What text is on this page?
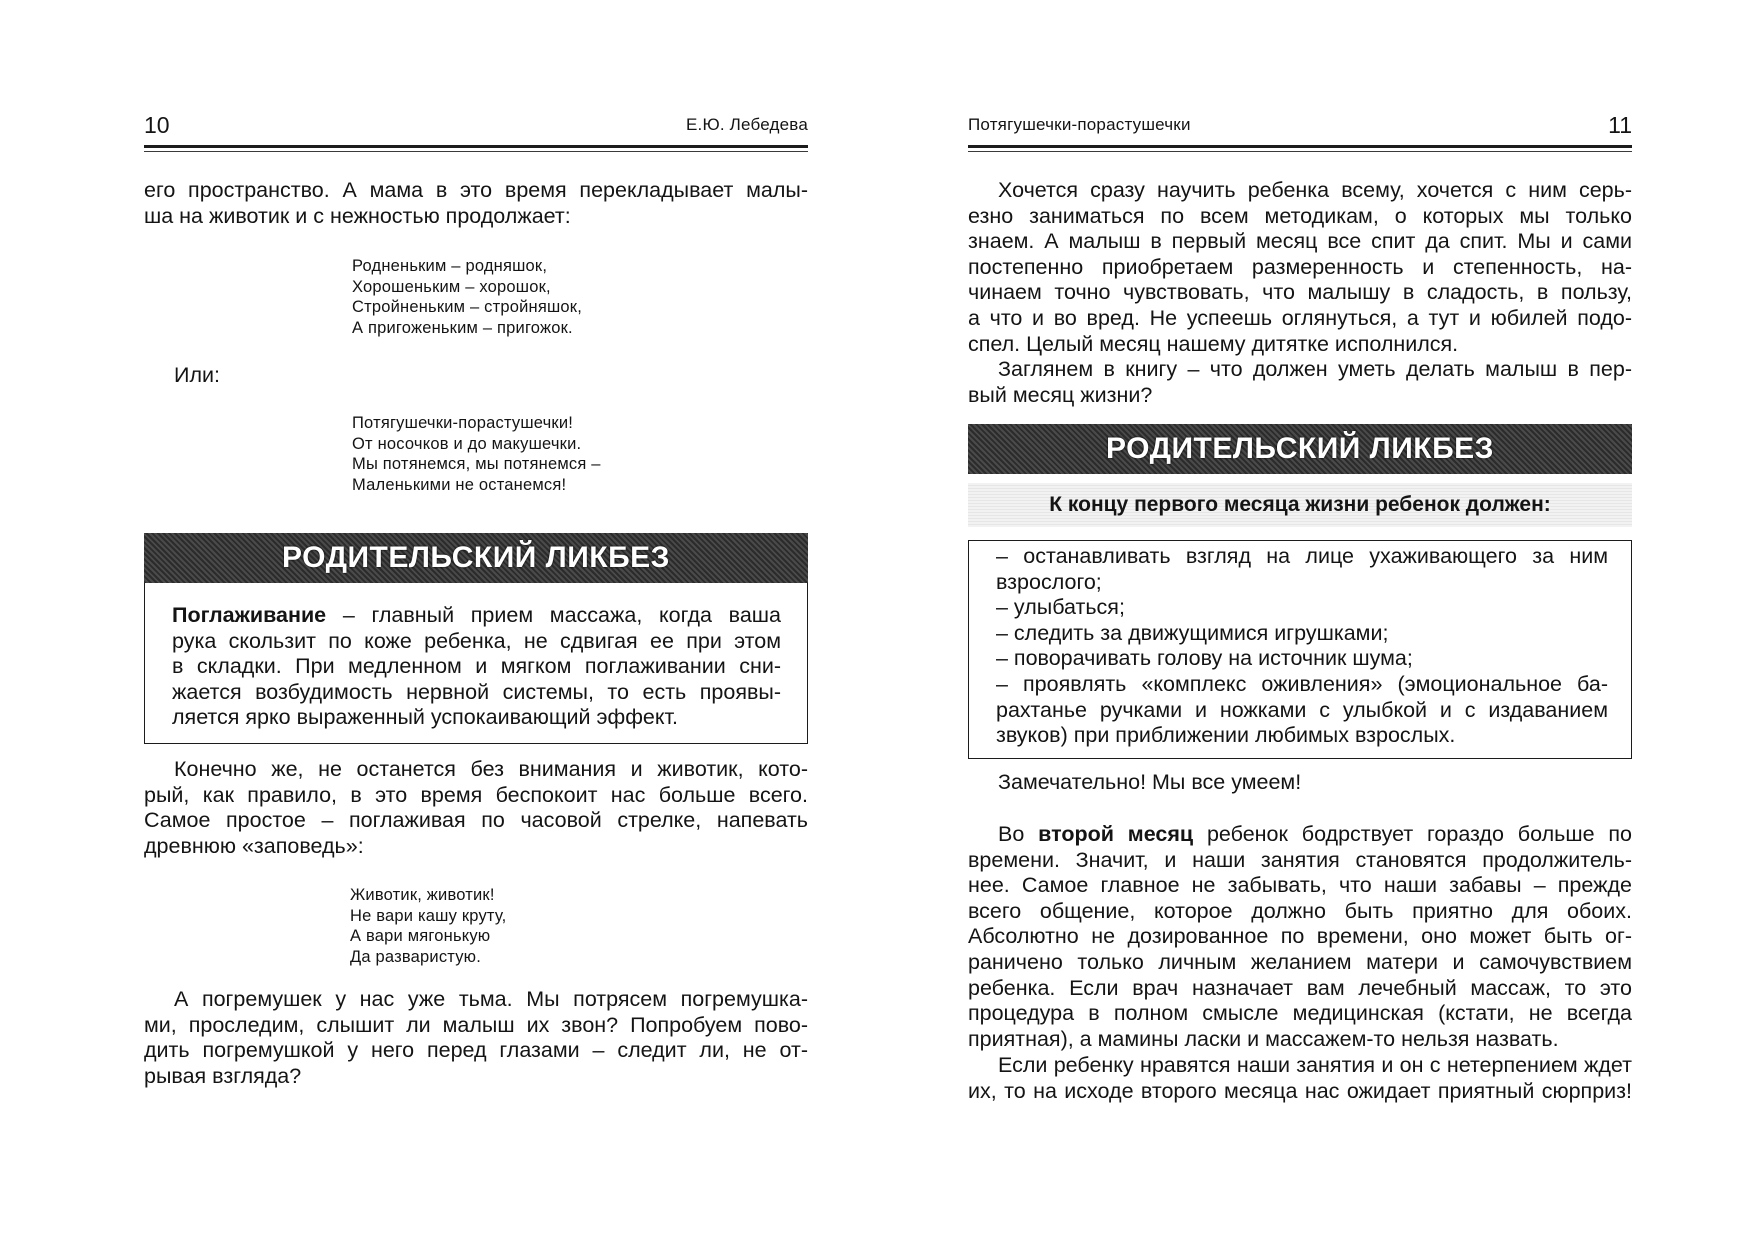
10	Е.Ю. Лебедева
его пространство. А мама в это время перекладывает малы-
ша на животик и с нежностью продолжает:
Родненьким – родняшок,
Хорошеньким – хорошок,
Стройненьким – стройняшок,
А пригоженьким – пригожок.
Или:
Потягушечки-порастушечки!
От носочков и до макушечки.
Мы потянемся, мы потянемся –
Маленькими не останемся!
РОДИТЕЛЬСКИЙ ЛИКБЕЗ
Поглаживание – главный прием массажа, когда ваша
рука скользит по коже ребенка, не сдвигая ее при этом
в складки. При медленном и мягком поглаживании сни-
жается возбудимость нервной системы, то есть проявы-
ляется ярко выраженный успокаивающий эффект.
Конечно же, не останется без внимания и животик, кото-
рый, как правило, в это время беспокоит нас больше всего.
Самое простое – поглаживая по часовой стрелке, напевать
древнюю «заповедь»:
Животик, животик!
Не вари кашу круту,
А вари мягонькую
Да разваристую.
А погремушек у нас уже тьма. Мы потрясем погремушка-
ми, проследим, слышит ли малыш их звон? Попробуем пово-
дить погремушкой у него перед глазами – следит ли, не от-
рывая взгляда?
Потягушечки-порастушечки	11
Хочется сразу научить ребенка всему, хочется с ним серь-
езно заниматься по всем методикам, о которых мы только
знаем. А малыш в первый месяц все спит да спит. Мы и сами
постепенно приобретаем размеренность и степенность, на-
чинаем точно чувствовать, что малышу в сладость, в пользу,
а что и во вред. Не успеешь оглянуться, а тут и юбилей подо-
спел. Целый месяц нашему дитятке исполнился.
Заглянем в книгу – что должен уметь делать малыш в пер-
вый месяц жизни?
РОДИТЕЛЬСКИЙ ЛИКБЕЗ
К концу первого месяца жизни ребенок должен:
– останавливать взгляд на лице ухаживающего за ним
взрослого;
– улыбаться;
– следить за движущимися игрушками;
– поворачивать голову на источник шума;
– проявлять «комплекс оживления» (эмоциональное ба-
рахтанье ручками и ножками с улыбкой и с издаванием
звуков) при приближении любимых взрослых.
Замечательно! Мы все умеем!
Во второй месяц ребенок бодрствует гораздо больше по
времени. Значит, и наши занятия становятся продолжитель-
нее. Самое главное не забывать, что наши забавы – прежде
всего общение, которое должно быть приятно для обоих.
Абсолютно не дозированное по времени, оно может быть ог-
раничено только личным желанием матери и самочувствием
ребенка. Если врач назначает вам лечебный массаж, то это
процедура в полном смысле медицинская (кстати, не всегда
приятная), а мамины ласки и массажем-то нельзя назвать.
Если ребенку нравятся наши занятия и он с нетерпением ждет
их, то на исходе второго месяца нас ожидает приятный сюрприз!
